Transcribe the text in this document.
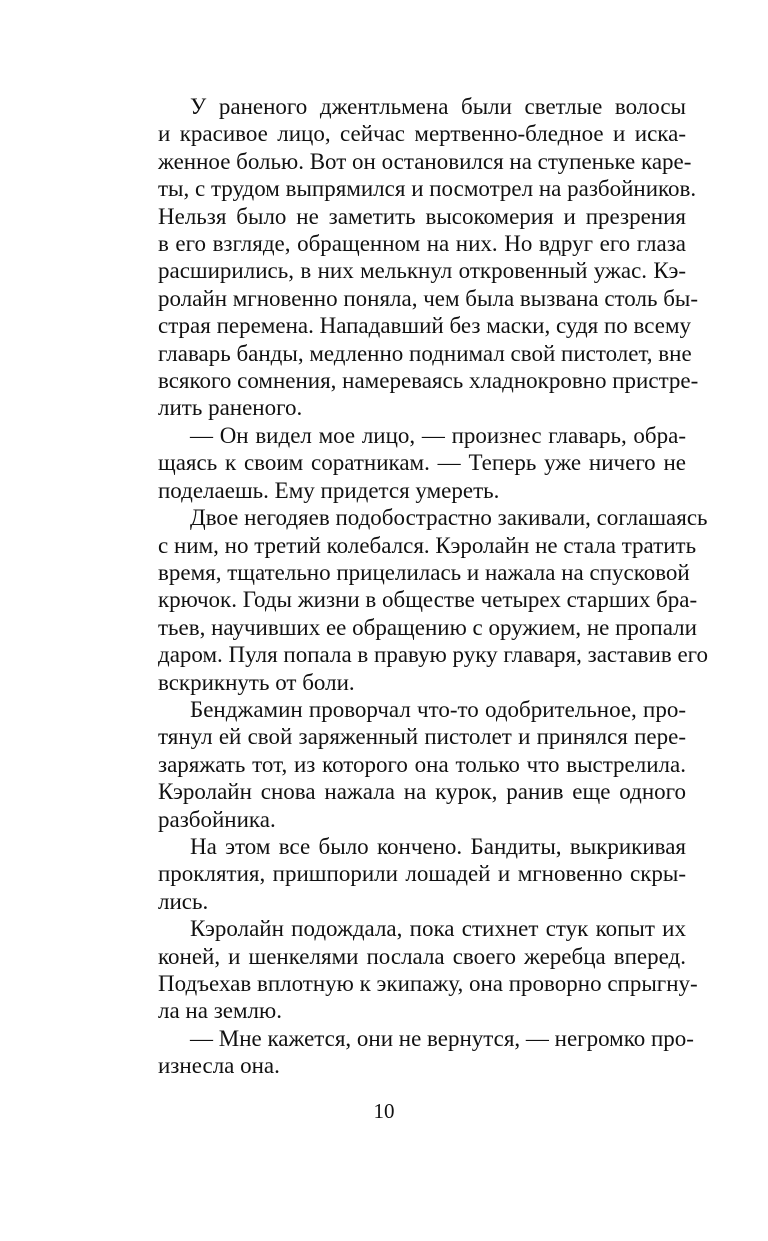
У раненого джентльмена были светлые волосы
и красивое лицо, сейчас мертвенно-бледное и иска-
женное болью. Вот он остановился на ступеньке каре-
ты, с трудом выпрямился и посмотрел на разбойников.
Нельзя было не заметить высокомерия и презрения
в его взгляде, обращенном на них. Но вдруг его глаза
расширились, в них мелькнул откровенный ужас. Кэ-
ролайн мгновенно поняла, чем была вызвана столь бы-
страя перемена. Нападавший без маски, судя по всему
главарь банды, медленно поднимал свой пистолет, вне
всякого сомнения, намереваясь хладнокровно пристре-
лить раненого.

— Он видел мое лицо, — произнес главарь, обра-
щаясь к своим соратникам. — Теперь уже ничего не
поделаешь. Ему придется умереть.

Двое негодяев подобострастно закивали, соглашаясь
с ним, но третий колебался. Кэролайн не стала тратить
время, тщательно прицелилась и нажала на спусковой
крючок. Годы жизни в обществе четырех старших бра-
тьев, научивших ее обращению с оружием, не пропали
даром. Пуля попала в правую руку главаря, заставив его
вскрикнуть от боли.

Бенджамин проворчал что-то одобрительное, про-
тянул ей свой заряженный пистолет и принялся пере-
заряжать тот, из которого она только что выстрелила.
Кэролайн снова нажала на курок, ранив еще одного
разбойника.

На этом все было кончено. Бандиты, выкрикивая
проклятия, пришпорили лошадей и мгновенно скры-
лись.

Кэролайн подождала, пока стихнет стук копыт их
коней, и шенкелями послала своего жеребца вперед.
Подъехав вплотную к экипажу, она проворно спрыгну-
ла на землю.

— Мне кажется, они не вернутся, — негромко про-
изнесла она.

10
